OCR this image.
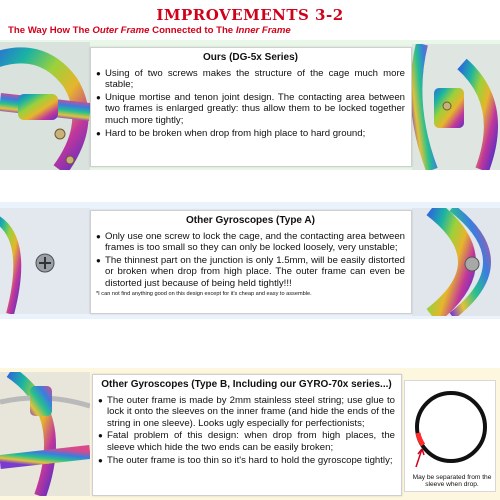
IMPROVEMENTS 3-2
The Way How The Outer Frame Connected to The Inner Frame
Ours (DG-5x Series)
● Using of two screws makes the structure of the cage much more stable;
● Unique mortise and tenon joint design. The contacting area between two frames is enlarged greatly: thus allow them to be locked together much more tightly;
● Hard to be broken when drop from high place to hard ground;
Other Gyroscopes (Type A)
● Only use one screw to lock the cage, and the contacting area between frames is too small so they can only be locked loosely, very unstable;
● The thinnest part on the junction is only 1.5mm, will be easily distorted or broken when drop from high place. The outer frame can even be distorted just because of being held tightly!!!
*I can not find anything good on this design except for it's cheap and easy to assemble.
Other Gyroscopes (Type B, Including our GYRO-70x series...)
● The outer frame is made by 2mm stainless steel string; use glue to lock it onto the sleeves on the inner frame (and hide the ends of the string in one sleeve). Looks ugly especially for perfectionists;
● Fatal problem of this design: when drop from high places, the sleeve which hide the two ends can be easily broken;
● The outer frame is too thin so it's hard to hold the gyroscope tightly;
May be separated from the sleeve when drop.
